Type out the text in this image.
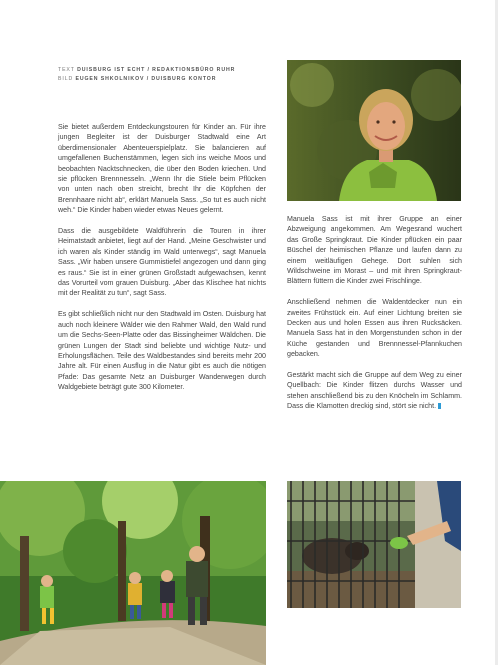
TEXT DUISBURG IST ECHT / REDAKTIONSBÜRO RUHR
BILD EUGEN SHKOLNIKOV / DUISBURG KONTOR

Sie bietet außerdem Entdeckungstouren für Kinder an. Für ihre jungen Begleiter ist der Duisburger Stadtwald eine Art überdimensionaler Abenteuerspielplatz. Sie balancieren auf umgefallenen Buchenstämmen, legen sich ins weiche Moos und beobachten Nacktschnecken, die über den Boden kriechen. Und sie pflücken Brennnesseln. „Wenn Ihr die Stiele beim Pflücken von unten nach oben streicht, brecht Ihr die Köpfchen der Brennhaare nicht ab“, erklärt Manuela Sass. „So tut es auch nicht weh.“ Die Kinder haben wieder etwas Neues gelernt.

Dass die ausgebildete Waldführerin die Touren in ihrer Heimatstadt anbietet, liegt auf der Hand. „Meine Geschwister und ich waren als Kinder ständig im Wald unterwegs“, sagt Manuela Sass. „Wir haben unsere Gummistiefel angezogen und dann ging es raus.“ Sie ist in einer grünen Großstadt aufgewachsen, kennt das Vorurteil vom grauen Duisburg. „Aber das Klischee hat nichts mit der Realität zu tun“, sagt Sass.

Es gibt schließlich nicht nur den Stadtwald im Osten. Duisburg hat auch noch kleinere Wälder wie den Rahmer Wald, den Wald rund um die Sechs-Seen-Platte oder das Bissingheimer Wäldchen. Die grünen Lungen der Stadt sind beliebte und wichtige Nutz- und Erholungsflächen. Teile des Waldbestandes sind bereits mehr 200 Jahre alt. Für einen Ausflug in die Natur gibt es auch die nötigen Pfade: Das gesamte Netz an Duisburger Wanderwegen durch Waldgebiete beträgt gute 300 Kilometer.

Manuela Sass ist mit ihrer Gruppe an einer Abzweigung angekommen. Am Wegesrand wuchert das Große Springkraut. Die Kinder pflücken ein paar Büschel der heimischen Pflanze und laufen dann zu einem weitläufigen Gehege. Dort suhlen sich Wildschweine im Morast – und mit ihren Springkraut-Blättern füttern die Kinder zwei Frischlinge.

Anschließend nehmen die Waldentdecker nun ein zweites Frühstück ein. Auf einer Lichtung breiten sie Decken aus und holen Essen aus ihren Rucksäcken. Manuela Sass hat in den Morgenstunden schon in der Küche gestanden und Brennnessel-Pfannkuchen gebacken.

Gestärkt macht sich die Gruppe auf dem Weg zu einer Quellbach: Die Kinder flitzen durchs Wasser und stehen anschließend bis zu den Knöcheln im Schlamm. Dass die Klamotten dreckig sind, stört sie nicht.
